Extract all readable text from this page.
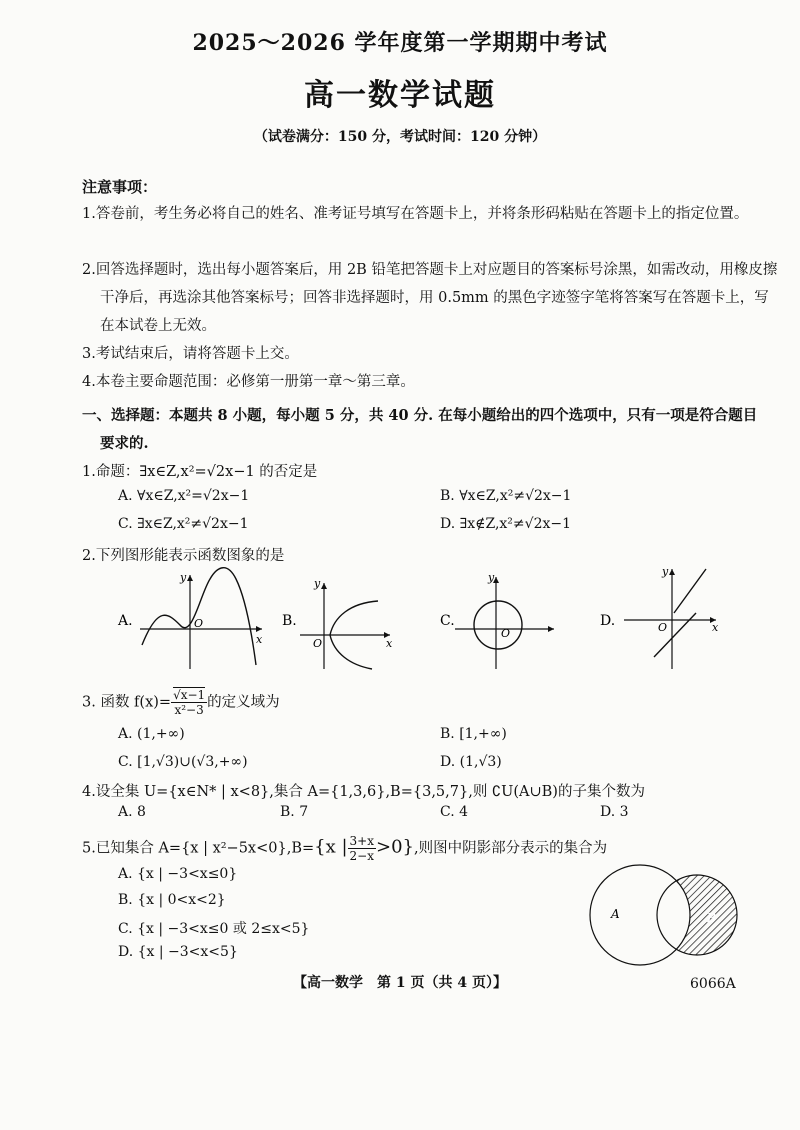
2025～2026 学年度第一学期期中考试
高一数学试题
（试卷满分：150 分，考试时间：120 分钟）
注意事项：
1.答卷前，考生务必将自己的姓名、准考证号填写在答题卡上，并将条形码粘贴在答题卡上的指定位置。
2.回答选择题时，选出每小题答案后，用 2B 铅笔把答题卡上对应题目的答案标号涂黑，如需改动，用橡皮擦干净后，再选涂其他答案标号；回答非选择题时，用 0.5mm 的黑色字迹签字笔将答案写在答题卡上，写在本试卷上无效。
3.考试结束后，请将答题卡上交。
4.本卷主要命题范围：必修第一册第一章～第三章。
一、选择题：本题共 8 小题，每小题 5 分，共 40 分. 在每小题给出的四个选项中，只有一项是符合题目要求的.
1.命题：∃x∈Z,x²=√2x−1 的否定是
A. ∀x∈Z,x²=√2x−1	B. ∀x∈Z,x²≠√2x−1
C. ∃x∈Z,x²≠√2x−1	D. ∃x∉Z,x²≠√2x−1
2.下列图形能表示函数图象的是
A.
x
y
O	B.
x
y
O
C.
y
O
D.	x
y
O
3. 函数 $f(x)= \frac{√x-1}{\text{x²−3}}$ 的定义域为
A. (1,+∞)	B. [1,+∞)
C. [1,√3)∪(√3,+∞)	D. (1,√3)
4.设全集 U={x∈N* | x<8},集合 A={1,3,6},B={3,5,7},则 ∁U(A∪B)的子集个数为
A. 8	B. 7	C. 4	D. 3
5.已知集合 A={x | x²−5x<0},B={x | $\frac{3+x}{2-x} >0$},则图中阴影部分表示的集合为
A. {x | −3<x≤0}
B. {x | 0<x<2}
C. {x | −3<x≤0 或 2≤x<5}
D. {x | −3<x<5}
A	B
【高一数学　第 1 页（共 4 页）】	6066A
